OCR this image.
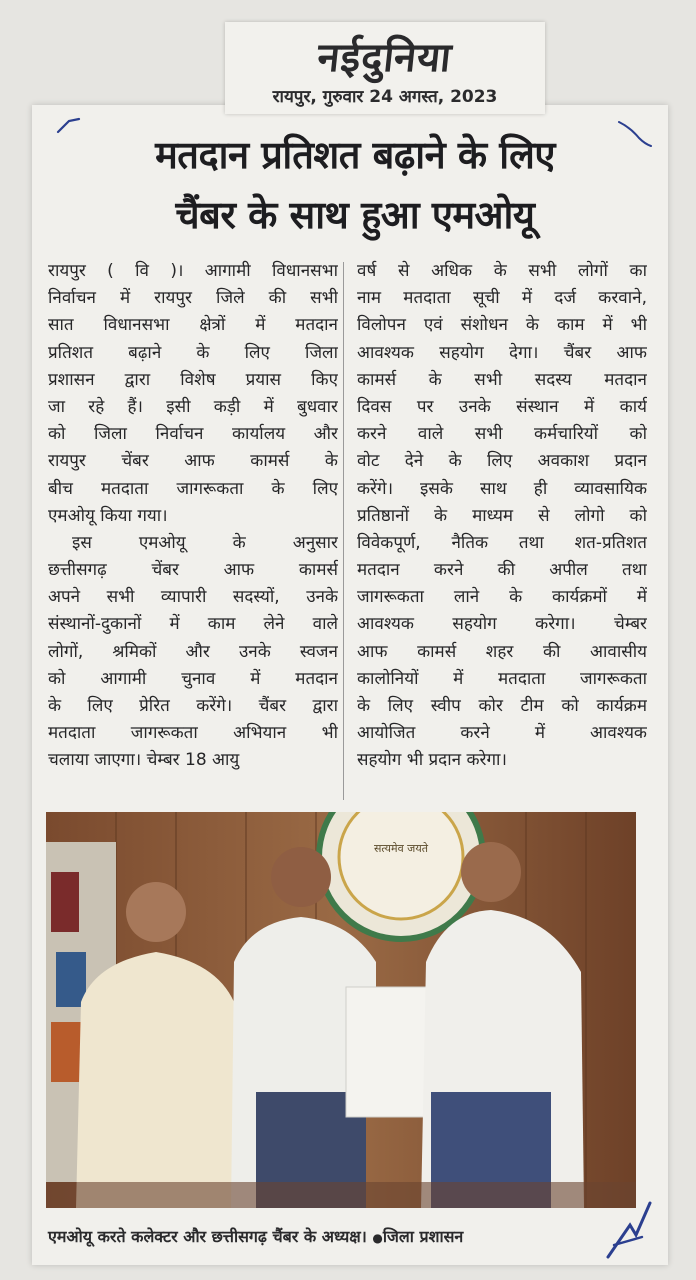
नईदुनिया
रायपुर, गुरुवार 24 अगस्त, 2023
मतदान प्रतिशत बढ़ाने के लिए
चैंबर के साथ हुआ एमओयू
रायपुर ( वि )। आगामी विधानसभा
निर्वाचन में रायपुर जिले की सभी
सात विधानसभा क्षेत्रों में मतदान
प्रतिशत बढ़ाने के लिए जिला
प्रशासन द्वारा विशेष प्रयास किए
जा रहे हैं। इसी कड़ी में बुधवार
को जिला निर्वाचन कार्यालय और
रायपुर चेंबर आफ कामर्स के
बीच मतदाता जागरूकता के लिए
एमओयू किया गया।
इस एमओयू के अनुसार
छत्तीसगढ़ चेंबर आफ कामर्स
अपने सभी व्यापारी सदस्यों, उनके
संस्थानों-दुकानों में काम लेने वाले
लोगों, श्रमिकों और उनके स्वजन
को आगामी चुनाव में मतदान
के लिए प्रेरित करेंगे। चैंबर द्वारा
मतदाता जागरूकता अभियान भी
चलाया जाएगा। चेम्बर 18 आयु
वर्ष से अधिक के सभी लोगों का
नाम मतदाता सूची में दर्ज करवाने,
विलोपन एवं संशोधन के काम में भी
आवश्यक सहयोग देगा। चैंबर आफ
कामर्स के सभी सदस्य मतदान
दिवस पर उनके संस्थान में कार्य
करने वाले सभी कर्मचारियों को
वोट देने के लिए अवकाश प्रदान
करेंगे। इसके साथ ही व्यावसायिक
प्रतिष्ठानों के माध्यम से लोगो को
विवेकपूर्ण, नैतिक तथा शत-प्रतिशत
मतदान करने की अपील तथा
जागरूकता लाने के कार्यक्रमों में
आवश्यक सहयोग करेगा। चेम्बर
आफ कामर्स शहर की आवासीय
कालोनियों में मतदाता जागरूकता
के लिए स्वीप कोर टीम को कार्यक्रम
आयोजित करने में आवश्यक
सहयोग भी प्रदान करेगा।
सत्यमेव जयते
एमओयू करते कलेक्टर और छत्तीसगढ़ चैंबर के अध्यक्ष। ●जिला प्रशासन
